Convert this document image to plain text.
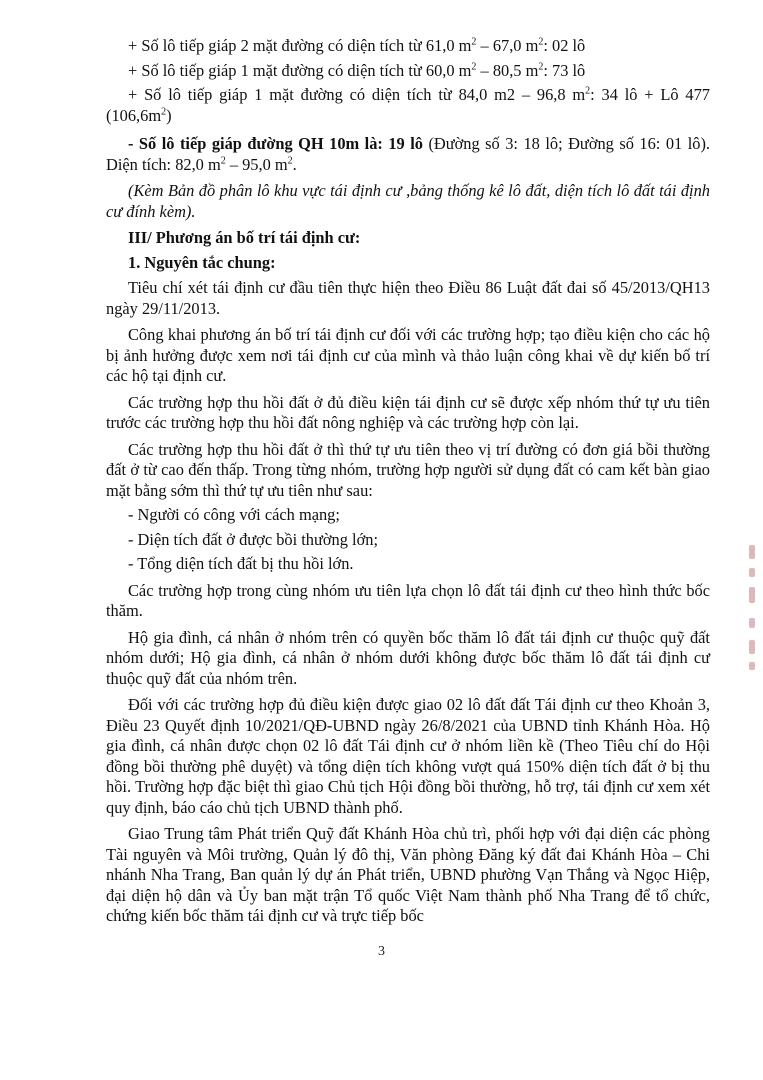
+ Số lô tiếp giáp 2 mặt đường có diện tích từ 61,0 $m^2 - 67,0$ $m^2$: 02 lô

+ Số lô tiếp giáp 1 mặt đường có diện tích từ 60,0 $m^2 - 80,5$ $m^2$: 73 lô

+ Số lô tiếp giáp 1 mặt đường có diện tích từ 84,0 m2 – 96,8 $m^2$: 34 lô + Lô 477 $(106,6m^2)$

- Số lô tiếp giáp đường QH 10m là: 19 lô (Đường số 3: 18 lô; Đường số 16: 01 lô). Diện tích: 82,0 $m^2 - 95,0$ $m^2$.

(Kèm Bản đồ phân lô khu vực tái định cư ,bảng thống kê lô đất, diện tích lô đất tái định cư đính kèm).

III/ Phương án bố trí tái định cư:

1. Nguyên tắc chung:

Tiêu chí xét tái định cư đầu tiên thực hiện theo Điều 86 Luật đất đai số 45/2013/QH13 ngày 29/11/2013.

Công khai phương án bố trí tái định cư đối với các trường hợp; tạo điều kiện cho các hộ bị ảnh hưởng được xem nơi tái định cư của mình và thảo luận công khai về dự kiến bố trí các hộ tại định cư.

Các trường hợp thu hồi đất ở đủ điều kiện tái định cư sẽ được xếp nhóm thứ tự ưu tiên trước các trường hợp thu hồi đất nông nghiệp và các trường hợp còn lại.

Các trường hợp thu hồi đất ở thì thứ tự ưu tiên theo vị trí đường có đơn giá bồi thường đất ở từ cao đến thấp. Trong từng nhóm, trường hợp người sử dụng đất có cam kết bàn giao mặt bằng sớm thì thứ tự ưu tiên như sau:

- Người có công với cách mạng;

- Diện tích đất ở được bồi thường lớn;

- Tổng diện tích đất bị thu hồi lớn.

Các trường hợp trong cùng nhóm ưu tiên lựa chọn lô đất tái định cư theo hình thức bốc thăm.

Hộ gia đình, cá nhân ở nhóm trên có quyền bốc thăm lô đất tái định cư thuộc quỹ đất nhóm dưới; Hộ gia đình, cá nhân ở nhóm dưới không được bốc thăm lô đất tái định cư thuộc quỹ đất của nhóm trên.

Đối với các trường hợp đủ điều kiện được giao 02 lô đất đất Tái định cư theo Khoản 3, Điều 23 Quyết định 10/2021/QĐ-UBND ngày 26/8/2021 của UBND tỉnh Khánh Hòa. Hộ gia đình, cá nhân được chọn 02 lô đất Tái định cư ở nhóm liền kề (Theo Tiêu chí do Hội đồng bồi thường phê duyệt) và tổng diện tích không vượt quá 150% diện tích đất ở bị thu hồi. Trường hợp đặc biệt thì giao Chủ tịch Hội đồng bồi thường, hỗ trợ, tái định cư xem xét quy định, báo cáo chủ tịch UBND thành phố.

Giao Trung tâm Phát triển Quỹ đất Khánh Hòa chủ trì, phối hợp với đại diện các phòng Tài nguyên và Môi trường, Quản lý đô thị, Văn phòng Đăng ký đất đai Khánh Hòa – Chi nhánh Nha Trang, Ban quản lý dự án Phát triển, UBND phường Vạn Thắng và Ngọc Hiệp, đại diện hộ dân và Ủy ban mặt trận Tổ quốc Việt Nam thành phố Nha Trang để tổ chức, chứng kiến bốc thăm tái định cư và trực tiếp bốc

3
